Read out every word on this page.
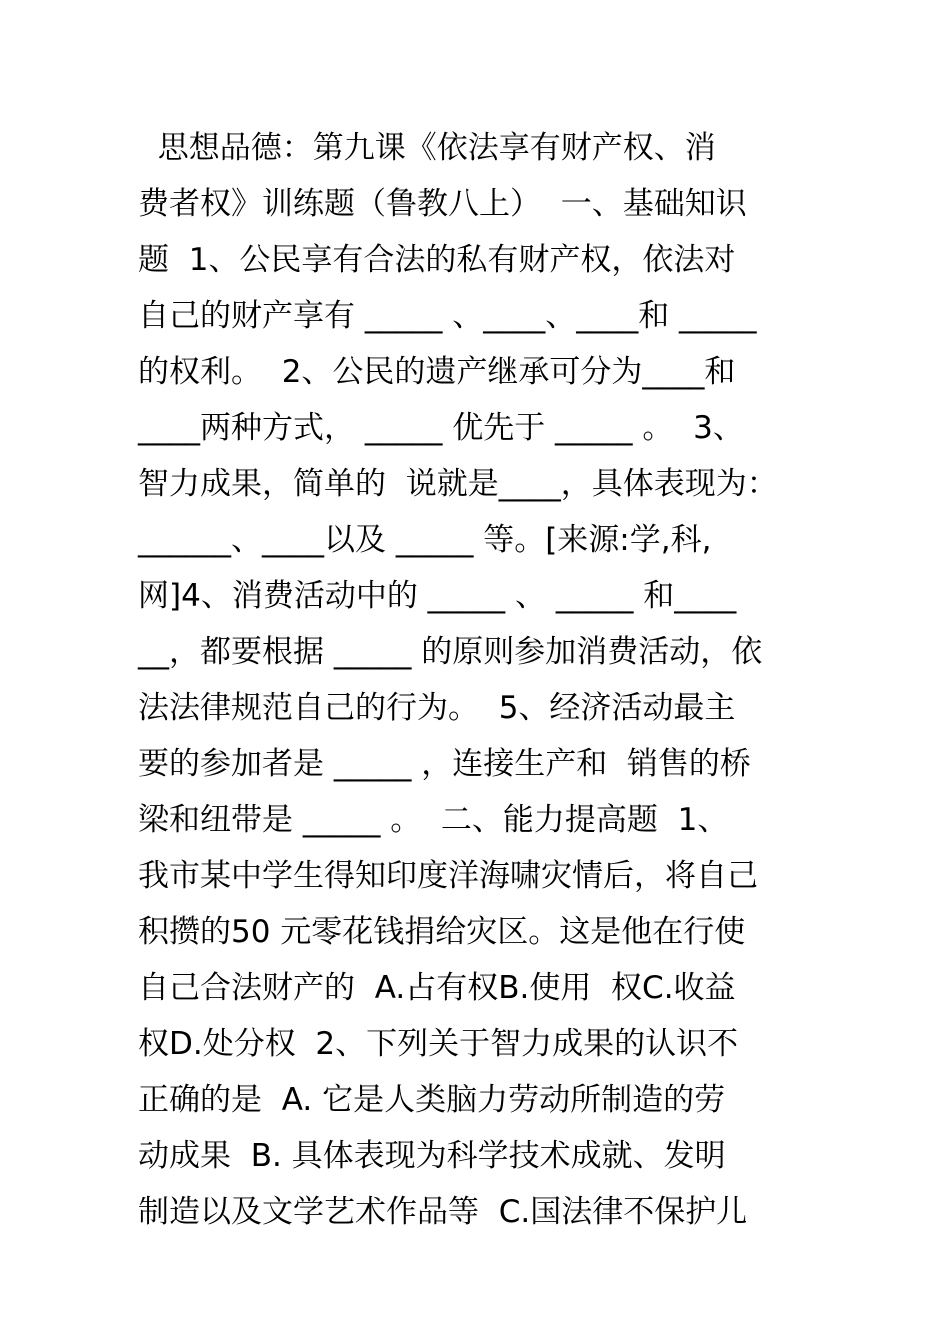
思想品德：第九课《依法享有财产权、消
费者权》训练题（鲁教八上）  一、基础知识
题  1、公民享有合法的私有财产权，依法对
自己的财产享有 _____ 、____、____和 _____
的权利。  2、公民的遗产继承可分为____和
____两种方式， _____ 优先于 _____ 。  3、
智力成果，简单的  说就是____，具体表现为：
______、____以及 _____ 等。[来源:学,科,
网]4、消费活动中的 _____ 、 _____ 和____
__，都要根据 _____ 的原则参加消费活动，依
法法律规范自己的行为。  5、经济活动最主
要的参加者是 _____ ，连接生产和  销售的桥
梁和纽带是 _____ 。  二、能力提高题  1、
我市某中学生得知印度洋海啸灾情后，将自己
积攒的50 元零花钱捐给灾区。这是他在行使
自己合法财产的  A.占有权B.使用  权C.收益
权D.处分权  2、下列关于智力成果的认识不
正确的是  A. 它是人类脑力劳动所制造的劳
动成果  B. 具体表现为科学技术成就、发明
制造以及文学艺术作品等  C.国法律不保护儿
